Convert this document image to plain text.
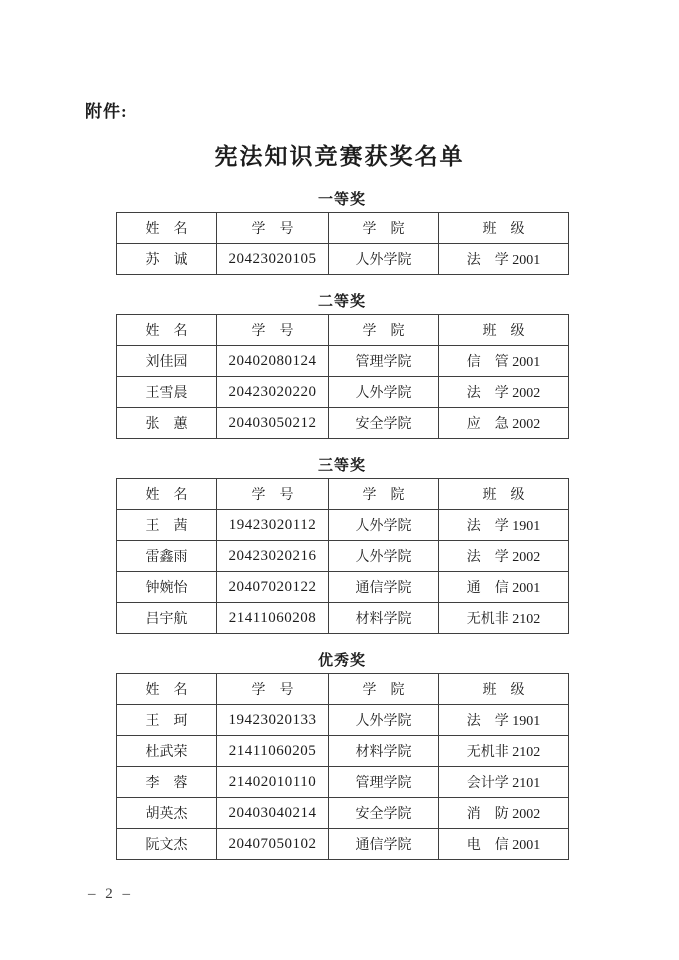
附件:
宪法知识竞赛获奖名单
一等奖
姓　名	学　号	学　院	班　级
苏　诚	20423020105	人外学院	法　学 2001
二等奖
姓　名	学　号	学　院	班　级
刘佳园	20402080124	管理学院	信　管 2001
王雪晨	20423020220	人外学院	法　学 2002
张　蕙	20403050212	安全学院	应　急 2002
三等奖
姓　名	学　号	学　院	班　级
王　茜	19423020112	人外学院	法　学 1901
雷鑫雨	20423020216	人外学院	法　学 2002
钟婉怡	20407020122	通信学院	通　信 2001
吕宇航	21411060208	材料学院	无机非 2102
优秀奖
姓　名	学　号	学　院	班　级
王　珂	19423020133	人外学院	法　学 1901
杜武荣	21411060205	材料学院	无机非 2102
李　蓉	21402010110	管理学院	会计学 2101
胡英杰	20403040214	安全学院	消　防 2002
阮文杰	20407050102	通信学院	电　信 2001
– 2 –
